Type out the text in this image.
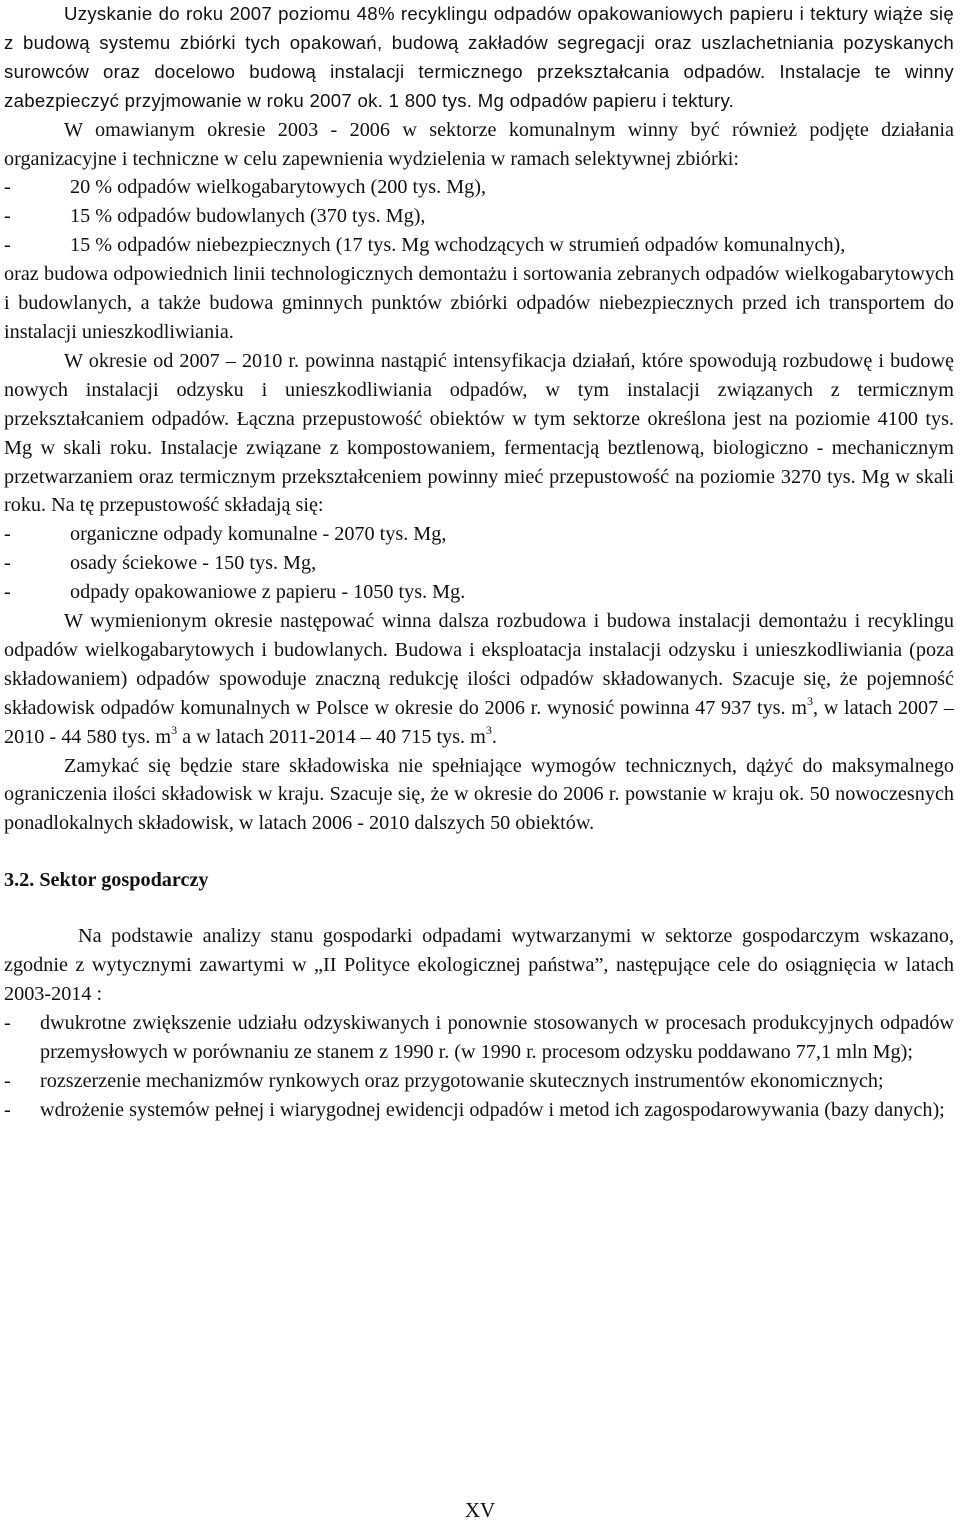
Uzyskanie do roku 2007 poziomu 48% recyklingu odpadów opakowaniowych papieru i tektury wiąże się z budową systemu zbiórki tych opakowań, budową zakładów segregacji oraz uszlachetniania pozyskanych surowców oraz docelowo budową instalacji termicznego przekształcania odpadów. Instalacje te winny zabezpieczyć przyjmowanie w roku 2007 ok. 1 800 tys. Mg odpadów papieru i tektury.

W omawianym okresie 2003 - 2006 w sektorze komunalnym winny być również podjęte działania organizacyjne i techniczne w celu zapewnienia wydzielenia w ramach selektywnej zbiórki:

-	20 % odpadów wielkogabarytowych (200 tys. Mg),
-	15 % odpadów budowlanych (370 tys. Mg),
-	15 % odpadów niebezpiecznych (17 tys. Mg wchodzących w strumień odpadów komunalnych),

oraz budowa odpowiednich linii technologicznych demontażu i sortowania zebranych odpadów wielkogabarytowych i budowlanych, a także budowa gminnych punktów zbiórki odpadów niebezpiecznych przed ich transportem do instalacji unieszkodliwiania.

W okresie od 2007 – 2010 r. powinna nastąpić intensyfikacja działań, które spowodują rozbudowę i budowę nowych instalacji odzysku i unieszkodliwiania odpadów, w tym instalacji związanych z termicznym przekształcaniem odpadów. Łączna przepustowość obiektów w tym sektorze określona jest na poziomie 4100 tys. Mg w skali roku. Instalacje związane z kompostowaniem, fermentacją beztlenową, biologiczno - mechanicznym przetwarzaniem oraz termicznym przekształceniem powinny mieć przepustowość na poziomie 3270 tys. Mg w skali roku. Na tę przepustowość składają się:

-	organiczne odpady komunalne - 2070 tys. Mg,
-	osady ściekowe - 150 tys. Mg,
-	odpady opakowaniowe z papieru - 1050 tys. Mg.

W wymienionym okresie następować winna dalsza rozbudowa i budowa instalacji demontażu i recyklingu odpadów wielkogabarytowych i budowlanych. Budowa i eksploatacja instalacji odzysku i unieszkodliwiania (poza składowaniem) odpadów spowoduje znaczną redukcję ilości odpadów składowanych. Szacuje się, że pojemność składowisk odpadów komunalnych w Polsce w okresie do 2006 r. wynosić powinna 47 937 tys. $m^3$, w latach 2007 – 2010 - 44 580 tys. $m^3$ a w latach 2011-2014 – 40 715 tys. $m^3$.

Zamykać się będzie stare składowiska nie spełniające wymogów technicznych, dążyć do maksymalnego ograniczenia ilości składowisk w kraju. Szacuje się, że w okresie do 2006 r. powstanie w kraju ok. 50 nowoczesnych ponadlokalnych składowisk, w latach 2006 - 2010 dalszych 50 obiektów.

3.2. Sektor gospodarczy

Na podstawie analizy stanu gospodarki odpadami wytwarzanymi w sektorze gospodarczym wskazano, zgodnie z wytycznymi zawartymi w „II Polityce ekologicznej państwa”, następujące cele do osiągnięcia w latach 2003-2014 :

-	dwukrotne zwiększenie udziału odzyskiwanych i ponownie stosowanych w procesach produkcyjnych odpadów przemysłowych w porównaniu ze stanem z 1990 r. (w 1990 r. procesom odzysku poddawano 77,1 mln Mg);
-	rozszerzenie mechanizmów rynkowych oraz przygotowanie skutecznych instrumentów ekonomicznych;
-	wdrożenie systemów pełnej i wiarygodnej ewidencji odpadów i metod ich zagospodarowywania (bazy danych);
XV
